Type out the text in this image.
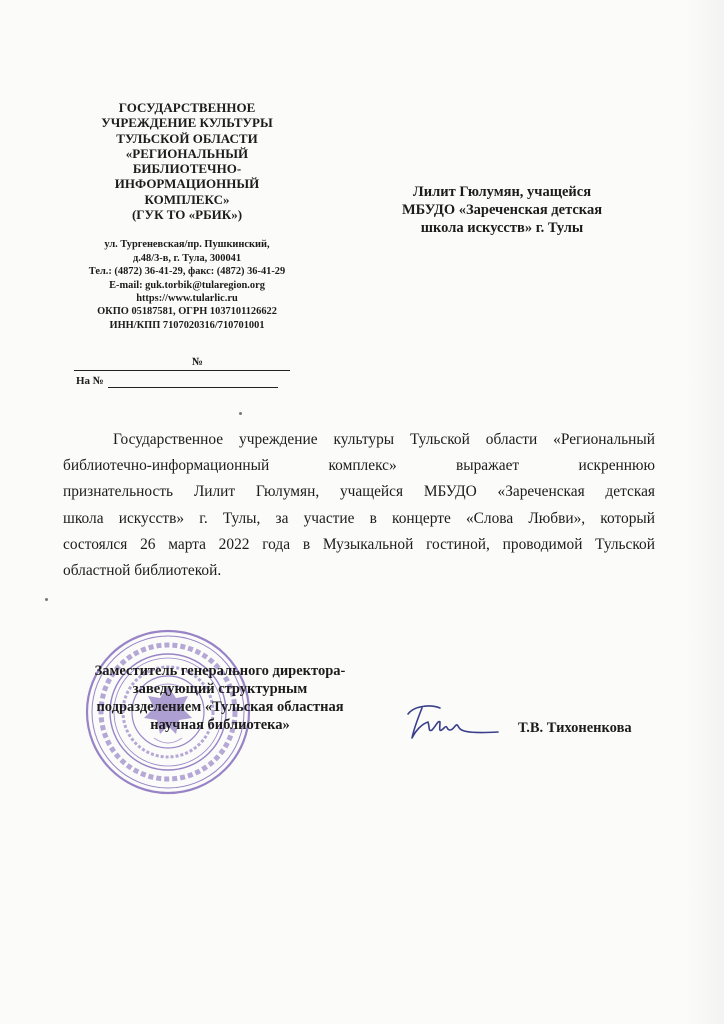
ГОСУДАРСТВЕННОЕ
УЧРЕЖДЕНИЕ КУЛЬТУРЫ
ТУЛЬСКОЙ ОБЛАСТИ
«РЕГИОНАЛЬНЫЙ
БИБЛИОТЕЧНО-
ИНФОРМАЦИОННЫЙ
КОМПЛЕКС»
(ГУК ТО «РБИК»)
ул. Тургеневская/пр. Пушкинский,
д.48/3-в, г. Тула, 300041
Тел.: (4872) 36-41-29, факс: (4872) 36-41-29
E-mail: guk.torbik@tularegion.org
https://www.tularlic.ru
ОКПО 05187581, ОГРН 1037101126622
ИНН/КПП 7107020316/710701001
№
На №
Лилит Гюлумян, учащейся
МБУДО «Зареченская детская
школа искусств» г. Тулы
Государственное учреждение культуры Тульской области «Региональный
библиотечно-информационный комплекс» выражает искреннюю
признательность Лилит Гюлумян, учащейся МБУДО «Зареченская детская
школа искусств» г. Тулы, за участие в концерте «Слова Любви», который
состоялся 26 марта 2022 года в Музыкальной гостиной, проводимой Тульской
областной библиотекой.
Заместитель генерального директора-
заведующий структурным
подразделением «Тульская областная
научная библиотека»	Т.В. Тихоненкова
